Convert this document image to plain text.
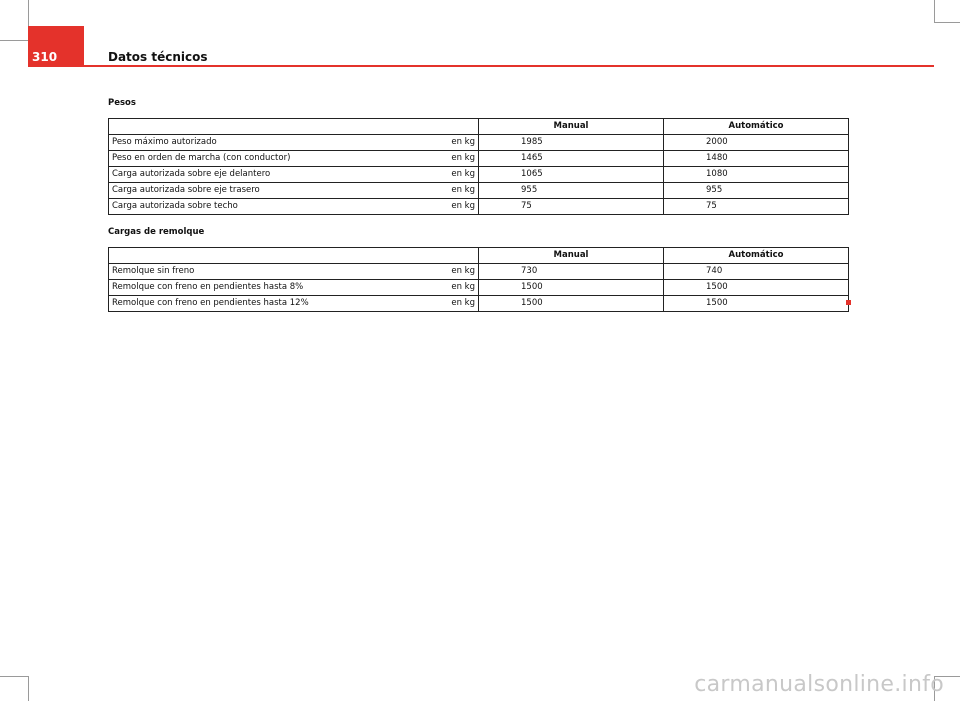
310	Datos técnicos
Pesos
		Manual	Automático
Peso máximo autorizado	en kg	1985	2000
Peso en orden de marcha (con conductor)	en kg	1465	1480
Carga autorizada sobre eje delantero	en kg	1065	1080
Carga autorizada sobre eje trasero	en kg	955	955
Carga autorizada sobre techo	en kg	75	75
Cargas de remolque
		Manual	Automático
Remolque sin freno	en kg	730	740
Remolque con freno en pendientes hasta 8%	en kg	1500	1500
Remolque con freno en pendientes hasta 12%	en kg	1500	1500
carmanualsonline.info
